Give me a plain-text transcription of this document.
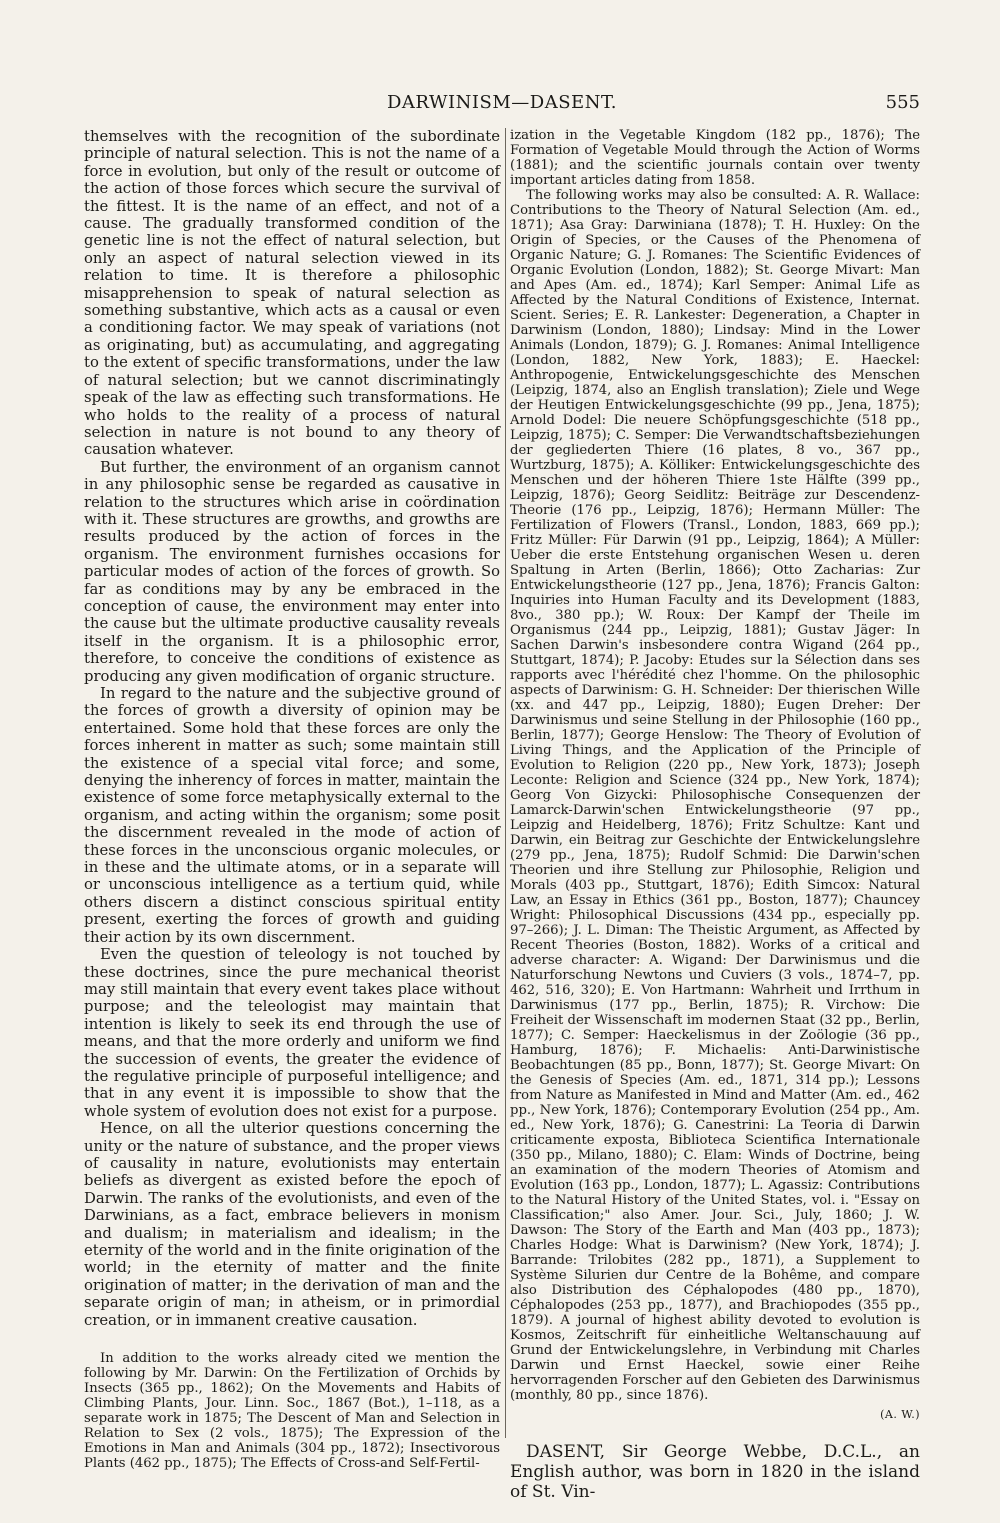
DARWINISM—DASENT.	555

themselves with the recognition of the subordinate principle of natural selection. This is not the name of a force in evolution, but only of the result or outcome of the action of those forces which secure the survival of the fittest. It is the name of an effect, and not of a cause. The gradually transformed condition of the genetic line is not the effect of natural selection, but only an aspect of natural selection viewed in its relation to time. It is therefore a philosophic misapprehension to speak of natural selection as something substantive, which acts as a causal or even a conditioning factor. We may speak of variations (not as originating, but) as accumulating, and aggregating to the extent of specific transformations, under the law of natural selection; but we cannot discriminatingly speak of the law as effecting such transformations. He who holds to the reality of a process of natural selection in nature is not bound to any theory of causation whatever.

But further, the environment of an organism cannot in any philosophic sense be regarded as causative in relation to the structures which arise in coördination with it. These structures are growths, and growths are results produced by the action of forces in the organism. The environment furnishes occasions for particular modes of action of the forces of growth. So far as conditions may by any be embraced in the conception of cause, the environment may enter into the cause but the ultimate productive causality reveals itself in the organism. It is a philosophic error, therefore, to conceive the conditions of existence as producing any given modification of organic structure.

In regard to the nature and the subjective ground of the forces of growth a diversity of opinion may be entertained. Some hold that these forces are only the forces inherent in matter as such; some maintain still the existence of a special vital force; and some, denying the inherency of forces in matter, maintain the existence of some force metaphysically external to the organism, and acting within the organism; some posit the discernment revealed in the mode of action of these forces in the unconscious organic molecules, or in these and the ultimate atoms, or in a separate will or unconscious intelligence as a tertium quid, while others discern a distinct conscious spiritual entity present, exerting the forces of growth and guiding their action by its own discernment.

Even the question of teleology is not touched by these doctrines, since the pure mechanical theorist may still maintain that every event takes place without purpose; and the teleologist may maintain that intention is likely to seek its end through the use of means, and that the more orderly and uniform we find the succession of events, the greater the evidence of the regulative principle of purposeful intelligence; and that in any event it is impossible to show that the whole system of evolution does not exist for a purpose.

Hence, on all the ulterior questions concerning the unity or the nature of substance, and the proper views of causality in nature, evolutionists may entertain beliefs as divergent as existed before the epoch of Darwin. The ranks of the evolutionists, and even of the Darwinians, as a fact, embrace believers in monism and dualism; in materialism and idealism; in the eternity of the world and in the finite origination of the world; in the eternity of matter and the finite origination of matter; in the derivation of man and the separate origin of man; in atheism, or in primordial creation, or in immanent creative causation.

In addition to the works already cited we mention the following by Mr. Darwin: On the Fertilization of Orchids by Insects (365 pp., 1862); On the Movements and Habits of Climbing Plants, Jour. Linn. Soc., 1867 (Bot.), 1–118, as a separate work in 1875; The Descent of Man and Selection in Relation to Sex (2 vols., 1875); The Expression of the Emotions in Man and Animals (304 pp., 1872); Insectivorous Plants (462 pp., 1875); The Effects of Cross-and Self-Fertil-

ization in the Vegetable Kingdom (182 pp., 1876); The Formation of Vegetable Mould through the Action of Worms (1881); and the scientific journals contain over twenty important articles dating from 1858.

The following works may also be consulted: A. R. Wallace: Contributions to the Theory of Natural Selection (Am. ed., 1871); Asa Gray: Darwiniana (1878); T. H. Huxley: On the Origin of Species, or the Causes of the Phenomena of Organic Nature; G. J. Romanes: The Scientific Evidences of Organic Evolution (London, 1882); St. George Mivart: Man and Apes (Am. ed., 1874); Karl Semper: Animal Life as Affected by the Natural Conditions of Existence, Internat. Scient. Series; E. R. Lankester: Degeneration, a Chapter in Darwinism (London, 1880); Lindsay: Mind in the Lower Animals (London, 1879); G. J. Romanes: Animal Intelligence (London, 1882, New York, 1883); E. Haeckel: Anthropogenie, Entwickelungsgeschichte des Menschen (Leipzig, 1874, also an English translation); Ziele und Wege der Heutigen Entwickelungsgeschichte (99 pp., Jena, 1875); Arnold Dodel: Die neuere Schöpfungsgeschichte (518 pp., Leipzig, 1875); C. Semper: Die Verwandtschaftsbeziehungen der gegliederten Thiere (16 plates, 8 vo., 367 pp., Wurtzburg, 1875); A. Kölliker: Entwickelungsgeschichte des Menschen und der höheren Thiere 1ste Hälfte (399 pp., Leipzig, 1876); Georg Seidlitz: Beiträge zur Descendenz-Theorie (176 pp., Leipzig, 1876); Hermann Müller: The Fertilization of Flowers (Transl., London, 1883, 669 pp.); Fritz Müller: Für Darwin (91 pp., Leipzig, 1864); A Müller: Ueber die erste Entstehung organischen Wesen u. deren Spaltung in Arten (Berlin, 1866); Otto Zacharias: Zur Entwickelungstheorie (127 pp., Jena, 1876); Francis Galton: Inquiries into Human Faculty and its Development (1883, 8vo., 380 pp.); W. Roux: Der Kampf der Theile im Organismus (244 pp., Leipzig, 1881); Gustav Jäger: In Sachen Darwin's insbesondere contra Wigand (264 pp., Stuttgart, 1874); P. Jacoby: Etudes sur la Sélection dans ses rapports avec l'hérédité chez l'homme. On the philosophic aspects of Darwinism: G. H. Schneider: Der thierischen Wille (xx. and 447 pp., Leipzig, 1880); Eugen Dreher: Der Darwinismus und seine Stellung in der Philosophie (160 pp., Berlin, 1877); George Henslow: The Theory of Evolution of Living Things, and the Application of the Principle of Evolution to Religion (220 pp., New York, 1873); Joseph Leconte: Religion and Science (324 pp., New York, 1874); Georg Von Gizycki: Philosophische Consequenzen der Lamarck-Darwin'schen Entwickelungstheorie (97 pp., Leipzig and Heidelberg, 1876); Fritz Schultze: Kant und Darwin, ein Beitrag zur Geschichte der Entwickelungslehre (279 pp., Jena, 1875); Rudolf Schmid: Die Darwin'schen Theorien und ihre Stellung zur Philosophie, Religion und Morals (403 pp., Stuttgart, 1876); Edith Simcox: Natural Law, an Essay in Ethics (361 pp., Boston, 1877); Chauncey Wright: Philosophical Discussions (434 pp., especially pp. 97–266); J. L. Diman: The Theistic Argument, as Affected by Recent Theories (Boston, 1882). Works of a critical and adverse character: A. Wigand: Der Darwinismus und die Naturforschung Newtons und Cuviers (3 vols., 1874–7, pp. 462, 516, 320); E. Von Hartmann: Wahrheit und Irrthum in Darwinismus (177 pp., Berlin, 1875); R. Virchow: Die Freiheit der Wissenschaft im modernen Staat (32 pp., Berlin, 1877); C. Semper: Haeckelismus in der Zoölogie (36 pp., Hamburg, 1876); F. Michaelis: Anti-Darwinistische Beobachtungen (85 pp., Bonn, 1877); St. George Mivart: On the Genesis of Species (Am. ed., 1871, 314 pp.); Lessons from Nature as Manifested in Mind and Matter (Am. ed., 462 pp., New York, 1876); Contemporary Evolution (254 pp., Am. ed., New York, 1876); G. Canestrini: La Teoria di Darwin criticamente exposta, Biblioteca Scientifica Internationale (350 pp., Milano, 1880); C. Elam: Winds of Doctrine, being an examination of the modern Theories of Atomism and Evolution (163 pp., London, 1877); L. Agassiz: Contributions to the Natural History of the United States, vol. i. "Essay on Classification;" also Amer. Jour. Sci., July, 1860; J. W. Dawson: The Story of the Earth and Man (403 pp., 1873); Charles Hodge: What is Darwinism? (New York, 1874); J. Barrande: Trilobites (282 pp., 1871), a Supplement to Système Silurien dur Centre de la Bohême, and compare also Distribution des Céphalopodes (480 pp., 1870), Céphalopodes (253 pp., 1877), and Brachiopodes (355 pp., 1879). A journal of highest ability devoted to evolution is Kosmos, Zeitschrift für einheitliche Weltanschauung auf Grund der Entwickelungslehre, in Verbindung mit Charles Darwin und Ernst Haeckel, sowie einer Reihe hervorragenden Forscher auf den Gebieten des Darwinismus (monthly, 80 pp., since 1876).

(A. W.)

DASENT, Sir George Webbe, D.C.L., an English author, was born in 1820 in the island of St. Vin-
